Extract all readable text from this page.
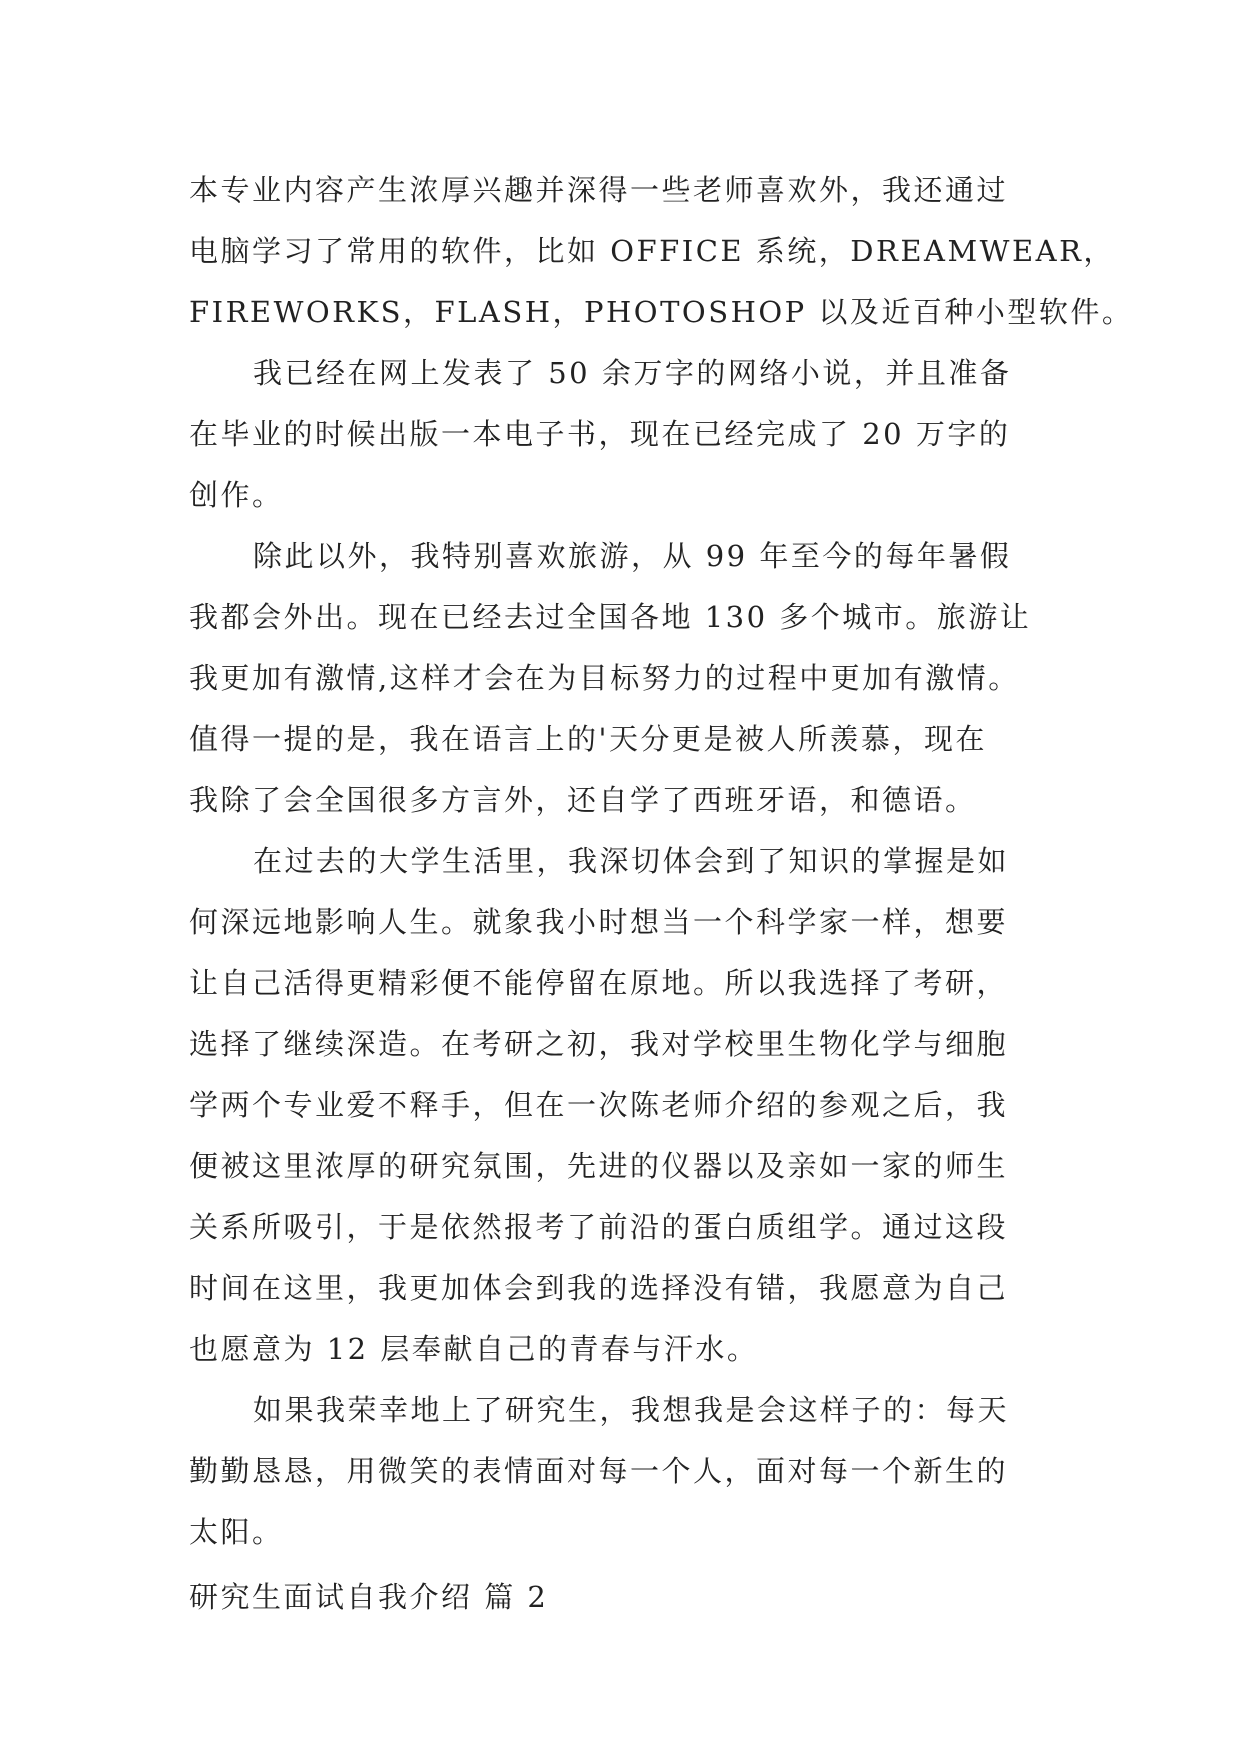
本专业内容产生浓厚兴趣并深得一些老师喜欢外，我还通过
电脑学习了常用的软件，比如 OFFICE 系统，DREAMWEAR，
FIREWORKS，FLASH，PHOTOSHOP 以及近百种小型软件。
我已经在网上发表了 50 余万字的网络小说，并且准备
在毕业的时候出版一本电子书，现在已经完成了 20 万字的
创作。
除此以外，我特别喜欢旅游，从 99 年至今的每年暑假
我都会外出。现在已经去过全国各地 130 多个城市。旅游让
我更加有激情,这样才会在为目标努力的过程中更加有激情。
值得一提的是，我在语言上的'天分更是被人所羡慕，现在
我除了会全国很多方言外，还自学了西班牙语，和德语。
在过去的大学生活里，我深切体会到了知识的掌握是如
何深远地影响人生。就象我小时想当一个科学家一样，想要
让自己活得更精彩便不能停留在原地。所以我选择了考研，
选择了继续深造。在考研之初，我对学校里生物化学与细胞
学两个专业爱不释手，但在一次陈老师介绍的参观之后，我
便被这里浓厚的研究氛围，先进的仪器以及亲如一家的师生
关系所吸引，于是依然报考了前沿的蛋白质组学。通过这段
时间在这里，我更加体会到我的选择没有错，我愿意为自己
也愿意为 12 层奉献自己的青春与汗水。
如果我荣幸地上了研究生，我想我是会这样子的：每天
勤勤恳恳，用微笑的表情面对每一个人，面对每一个新生的
太阳。
研究生面试自我介绍 篇 2
